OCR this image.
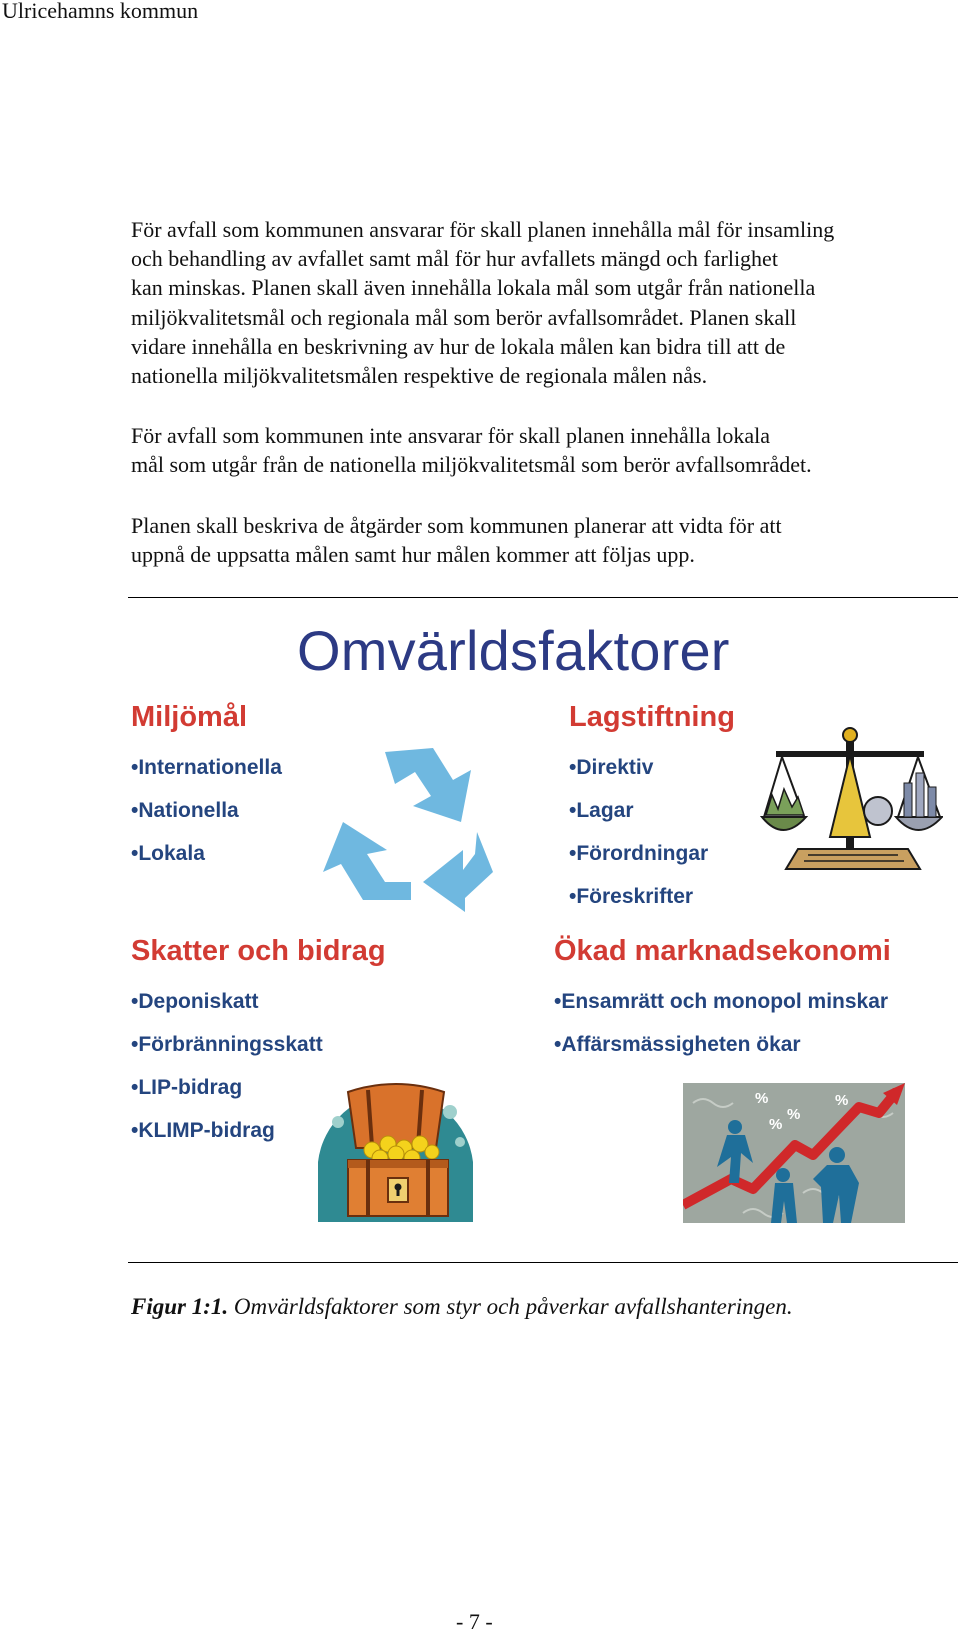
Ulricehamns kommun
För avfall som kommunen ansvarar för skall planen innehålla mål för insamling
och behandling av avfallet samt mål för hur avfallets mängd och farlighet
kan minskas. Planen skall även innehålla lokala mål som utgår från nationella
miljökvalitetsmål och regionala mål som berör avfallsområdet. Planen skall
vidare innehålla en beskrivning av hur de lokala målen kan bidra till att de
nationella miljökvalitetsmålen respektive de regionala målen nås.
För avfall som kommunen inte ansvarar för skall planen innehålla lokala
mål som utgår från de nationella miljökvalitetsmål som berör avfallsområdet.
Planen skall beskriva de åtgärder som kommunen planerar att vidta för att
uppnå de uppsatta målen samt hur målen kommer att följas upp.
Omvärldsfaktorer
Miljömål
•Internationella
•Nationella
•Lokala
Lagstiftning
•Direktiv
•Lagar
•Förordningar
•Föreskrifter
Skatter och bidrag
•Deponiskatt
•Förbränningsskatt
•LIP-bidrag
•KLIMP-bidrag
Ökad marknadsekonomi
•Ensamrätt och monopol minskar
•Affärsmässigheten ökar
%
%
%
%
Figur 1:1. Omvärldsfaktorer som styr och påverkar avfallshanteringen.
- 7 -
